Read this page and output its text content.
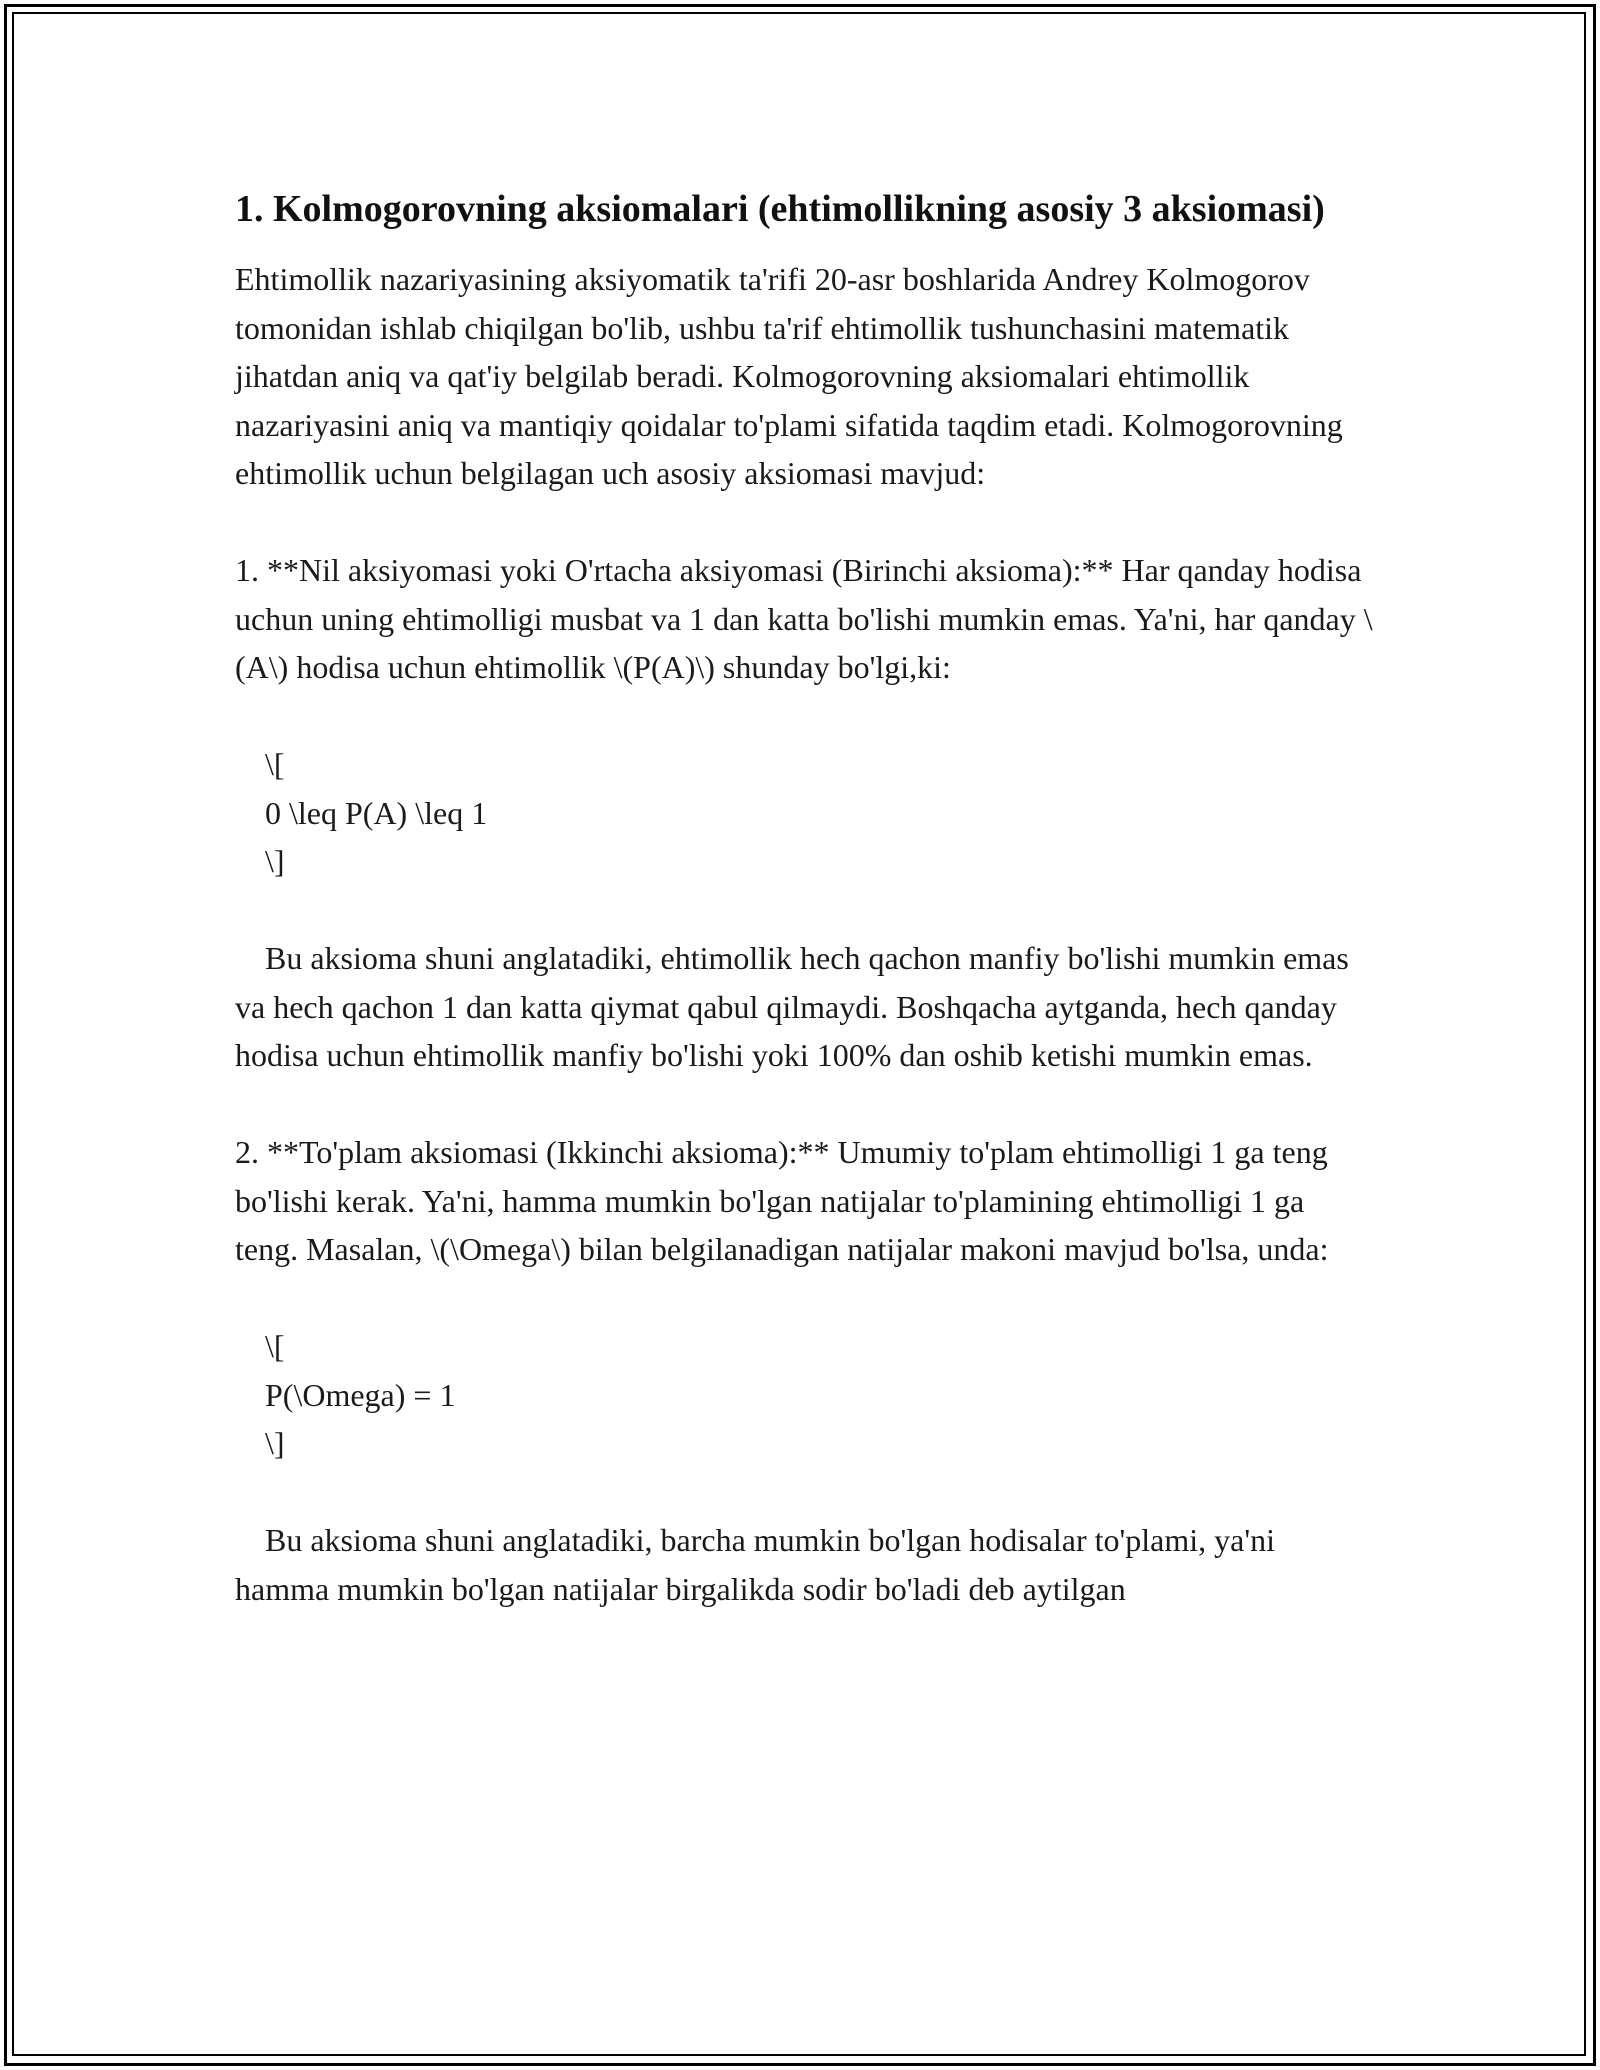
1. Kolmogorovning aksiomalari (ehtimollikning asosiy 3 aksiomasi)

Ehtimollik nazariyasining aksiyomatik ta'rifi 20-asr boshlarida Andrey Kolmogorov tomonidan ishlab chiqilgan bo'lib, ushbu ta'rif ehtimollik tushunchasini matematik jihatdan aniq va qat'iy belgilab beradi. Kolmogorovning aksiomalari ehtimollik nazariyasini aniq va mantiqiy qoidalar to'plami sifatida taqdim etadi. Kolmogorovning ehtimollik uchun belgilagan uch asosiy aksiomasi mavjud:

1. **Nil aksiyomasi yoki O'rtacha aksiyomasi (Birinchi aksioma):** Har qanday hodisa uchun uning ehtimolligi musbat va 1 dan katta bo'lishi mumkin emas. Ya'ni, har qanday \(A\) hodisa uchun ehtimollik \(P(A)\) shunday bo'lgi,ki:

\[

0 \leq P(A) \leq 1

\]

Bu aksioma shuni anglatadiki, ehtimollik hech qachon manfiy bo'lishi mumkin emas va hech qachon 1 dan katta qiymat qabul qilmaydi. Boshqacha aytganda, hech qanday hodisa uchun ehtimollik manfiy bo'lishi yoki 100% dan oshib ketishi mumkin emas.

2. **To'plam aksiomasi (Ikkinchi aksioma):** Umumiy to'plam ehtimolligi 1 ga teng bo'lishi kerak. Ya'ni, hamma mumkin bo'lgan natijalar to'plamining ehtimolligi 1 ga teng. Masalan, \(\Omega\) bilan belgilanadigan natijalar makoni mavjud bo'lsa, unda:

\[

P(\Omega) = 1

\]

Bu aksioma shuni anglatadiki, barcha mumkin bo'lgan hodisalar to'plami, ya'ni hamma mumkin bo'lgan natijalar birgalikda sodir bo'ladi deb aytilgan
